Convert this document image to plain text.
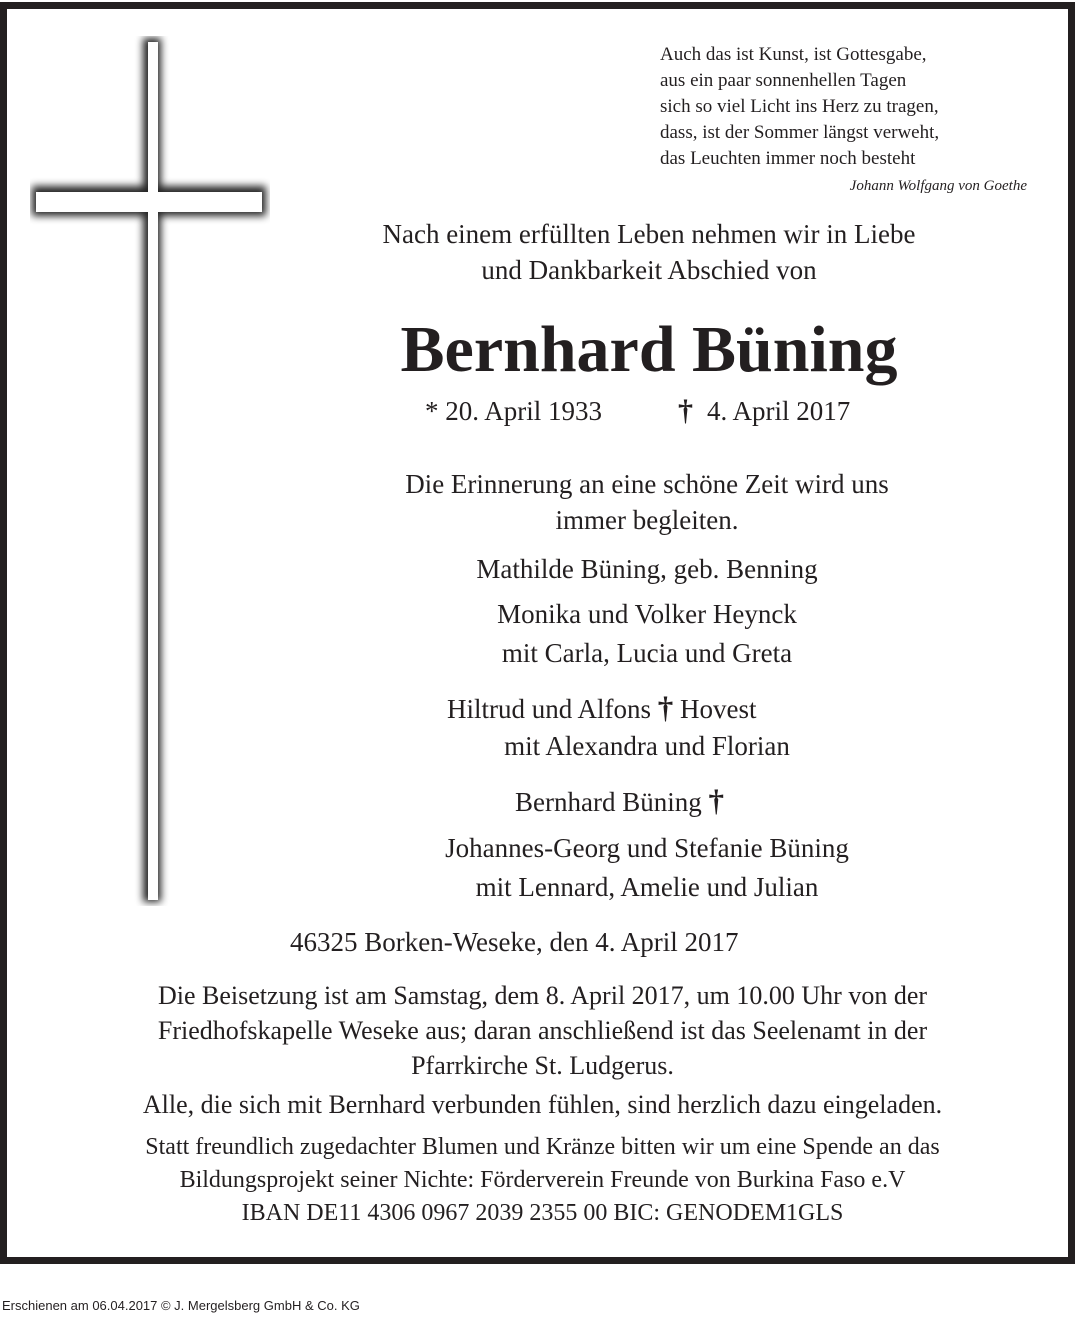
Auch das ist Kunst, ist Gottesgabe,
aus ein paar sonnenhellen Tagen
sich so viel Licht ins Herz zu tragen,
dass, ist der Sommer längst verweht,
das Leuchten immer noch besteht
Johann Wolfgang von Goethe
Nach einem erfüllten Leben nehmen wir in Liebe
und Dankbarkeit Abschied von
Bernhard Büning
* 20. April 1933	† 4. April 2017
Die Erinnerung an eine schöne Zeit wird uns
immer begleiten.
Mathilde Büning, geb. Benning
Monika und Volker Heynck
mit Carla, Lucia und Greta
Hiltrud und Alfons † Hovest
mit Alexandra und Florian
Bernhard Büning †
Johannes-Georg und Stefanie Büning
mit Lennard, Amelie und Julian
46325 Borken-Weseke, den 4. April 2017
Die Beisetzung ist am Samstag, dem 8. April 2017, um 10.00 Uhr von der
Friedhofskapelle Weseke aus; daran anschließend ist das Seelenamt in der
Pfarrkirche St. Ludgerus.
Alle, die sich mit Bernhard verbunden fühlen, sind herzlich dazu eingeladen.
Statt freundlich zugedachter Blumen und Kränze bitten wir um eine Spende an das
Bildungsprojekt seiner Nichte: Förderverein Freunde von Burkina Faso e.V
IBAN DE11 4306 0967 2039 2355 00 BIC: GENODEM1GLS
Erschienen am 06.04.2017 © J. Mergelsberg GmbH & Co. KG
